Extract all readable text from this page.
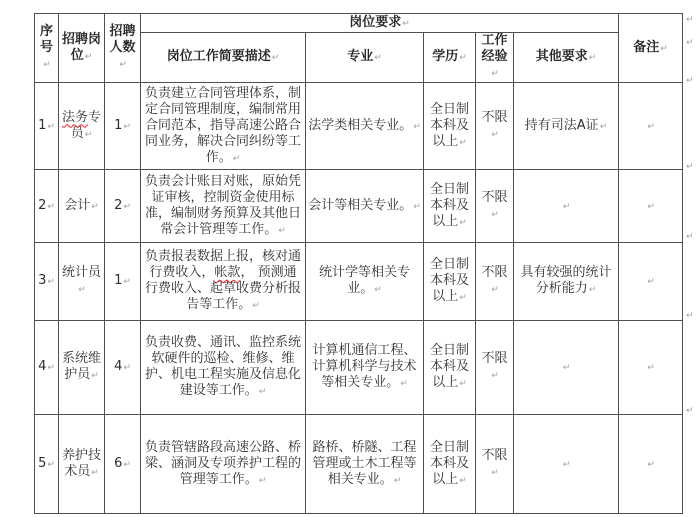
序号↵	招聘岗位↵	招聘人数↵	岗位要求↵					备注↵
			岗位工作简要描述↵	专业↵	学历↵	工作经验↵	其他要求↵	
1↵	法务专员↵	1↵	负责建立合同管理体系，制定合同管理制度，编制常用合同范本，指导高速公路合同业务，解决合同纠纷等工作。↵	法学类相关专业。↵	全日制本科及以上↵	不限↵	持有司法A证↵	↵
2↵	会计↵	2↵	负责会计账目对账，原始凭证审核，控制资金使用标准，编制财务预算及其他日常会计管理等工作。↵	会计等相关专业。↵	全日制本科及以上↵	不限↵	↵	↵
3↵	统计员↵	1↵	负责报表数据上报，核对通行费收入，帐款， 预测通行费收入、起草收费分析报告等工作。↵	统计学等相关专业。↵	全日制本科及以上↵	不限↵	具有较强的统计分析能力↵	↵
4↵	系统维护员↵	4↵	负责收费、通讯、监控系统软硬件的巡检、维修、维护、机电工程实施及信息化建设等工作。↵	计算机通信工程、计算机科学与技术等相关专业。↵	全日制本科及以上↵	不限↵	↵	↵
5↵	养护技术员↵	6↵	负责管辖路段高速公路、桥梁、涵洞及专项养护工程的管理等工作。↵	路桥、桥隧、工程管理或土木工程等相关专业。↵	全日制本科及以上↵	不限↵	↵	↵
↵
↵
↵
↵
↵
↵
↵
